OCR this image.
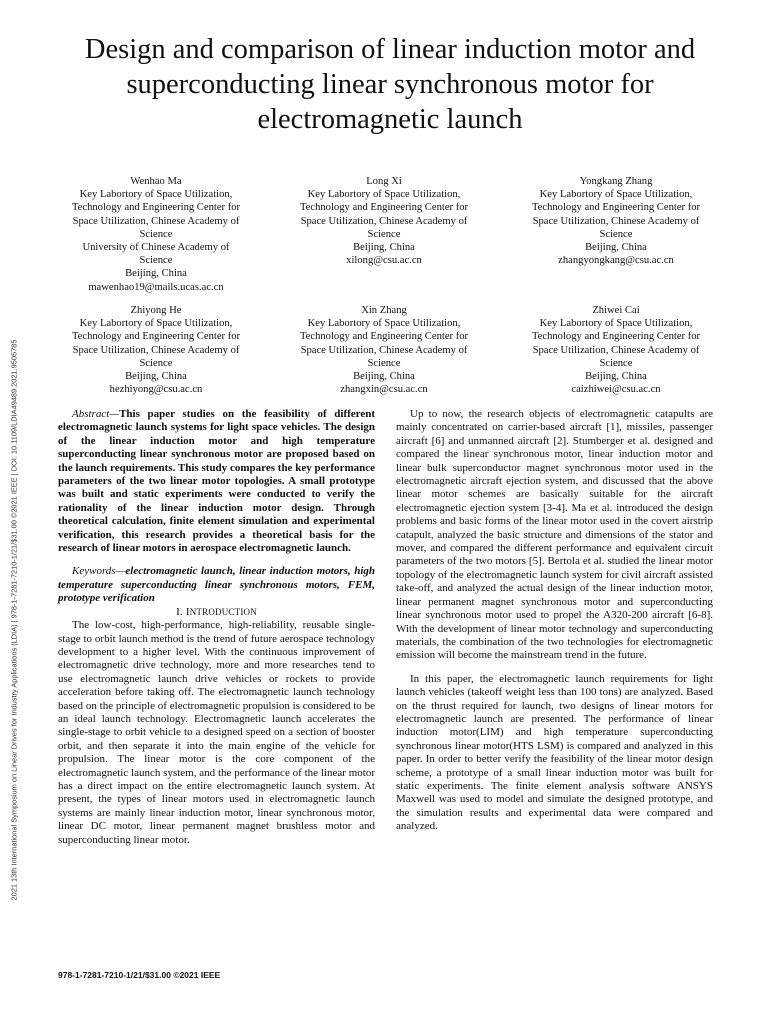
2021 13th International Symposium on Linear Drives for Industry Applications (LDIA) | 978-1-7281-7210-1/21/$31.00 ©2021 IEEE | DOI: 10.1109/LDIA49489.2021.9505785
Design and comparison of linear induction motor and superconducting linear synchronous motor for electromagnetic launch
Wenhao Ma
Key Labortory of Space Utilization,
Technology and Engineering Center for
Space Utilization, Chinese Academy of
Science
University of Chinese Academy of
Science
Beijing, China
mawenhao19@mails.ucas.ac.cn
Long Xi
Key Labortory of Space Utilization,
Technology and Engineering Center for
Space Utilization, Chinese Academy of
Science
Beijing, China
xilong@csu.ac.cn
Yongkang Zhang
Key Labortory of Space Utilization,
Technology and Engineering Center for
Space Utilization, Chinese Academy of
Science
Beijing, China
zhangyongkang@csu.ac.cn
Zhiyong He
Key Labortory of Space Utilization,
Technology and Engineering Center for
Space Utilization, Chinese Academy of
Science
Beijing, China
hezhiyong@csu.ac.cn
Xin Zhang
Key Labortory of Space Utilization,
Technology and Engineering Center for
Space Utilization, Chinese Academy of
Science
Beijing, China
zhangxin@csu.ac.cn
Zhiwei Cai
Key Labortory of Space Utilization,
Technology and Engineering Center for
Space Utilization, Chinese Academy of
Science
Beijing, China
caizhiwei@csu.ac.cn

Abstract—This paper studies on the feasibility of different electromagnetic launch systems for light space vehicles. The design of the linear induction motor and high temperature superconducting linear synchronous motor are proposed based on the launch requirements. This study compares the key performance parameters of the two linear motor topologies. A small prototype was built and static experiments were conducted to verify the rationality of the linear induction motor design. Through theoretical calculation, finite element simulation and experimental verification, this research provides a theoretical basis for the research of linear motors in aerospace electromagnetic launch.

Keywords—electromagnetic launch, linear induction motors, high temperature superconducting linear synchronous motors, FEM, prototype verification

I. INTRODUCTION

The low-cost, high-performance, high-reliability, reusable single-stage to orbit launch method is the trend of future aerospace technology development to a higher level. With the continuous improvement of electromagnetic drive technology, more and more researches tend to use electromagnetic launch drive vehicles or rockets to provide acceleration before taking off. The electromagnetic launch technology based on the principle of electromagnetic propulsion is considered to be an ideal launch technology. Electromagnetic launch accelerates the single-stage to orbit vehicle to a designed speed on a section of booster orbit, and then separate it into the main engine of the vehicle for propulsion. The linear motor is the core component of the electromagnetic launch system, and the performance of the linear motor has a direct impact on the entire electromagnetic launch system. At present, the types of linear motors used in electromagnetic launch systems are mainly linear induction motor, linear synchronous motor, linear DC motor, linear permanent magnet brushless motor and superconducting linear motor.

Up to now, the research objects of electromagnetic catapults are mainly concentrated on carrier-based aircraft [1], missiles, passenger aircraft [6] and unmanned aircraft [2]. Stumberger et al. designed and compared the linear synchronous motor, linear induction motor and linear bulk superconductor magnet synchronous motor used in the electromagnetic aircraft ejection system, and discussed that the above linear motor schemes are basically suitable for the aircraft electromagnetic ejection system [3-4]. Ma et al. introduced the design problems and basic forms of the linear motor used in the covert airstrip catapult, analyzed the basic structure and dimensions of the stator and mover, and compared the different performance and equivalent circuit parameters of the two motors [5]. Bertola et al. studied the linear motor topology of the electromagnetic launch system for civil aircraft assisted take-off, and analyzed the actual design of the linear induction motor, linear permanent magnet synchronous motor and superconducting linear synchronous motor used to propel the A320-200 aircraft [6-8]. With the development of linear motor technology and superconducting materials, the combination of the two technologies for electromagnetic emission will become the mainstream trend in the future.

In this paper, the electromagnetic launch requirements for light launch vehicles (takeoff weight less than 100 tons) are analyzed. Based on the thrust required for launch, two designs of linear motors for electromagnetic launch are presented. The performance of linear induction motor(LIM) and high temperature superconducting synchronous linear motor(HTS LSM) is compared and analyzed in this paper. In order to better verify the feasibility of the linear motor design scheme, a prototype of a small linear induction motor was built for static experiments. The finite element analysis software ANSYS Maxwell was used to model and simulate the designed prototype, and the simulation results and experimental data were compared and analyzed.

978-1-7281-7210-1/21/$31.00 ©2021 IEEE
